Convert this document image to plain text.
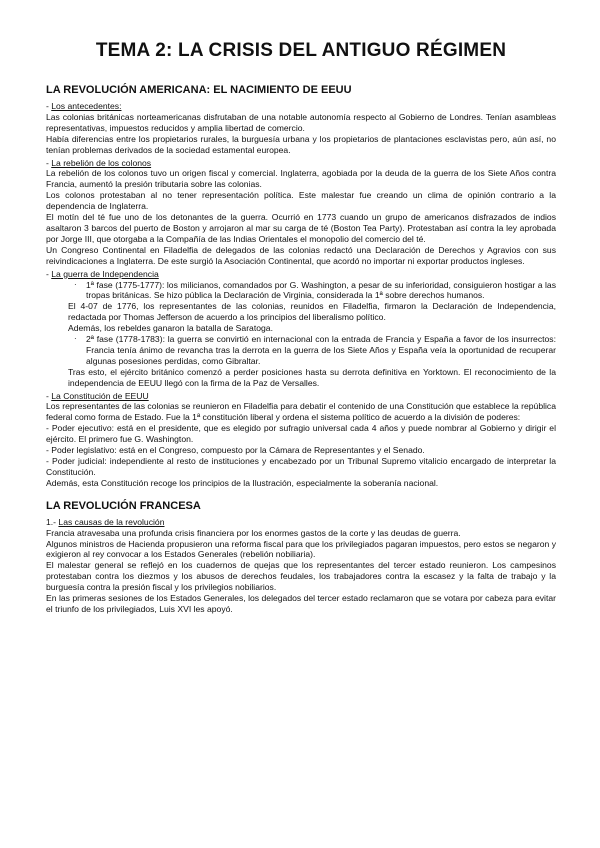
TEMA 2: LA CRISIS DEL ANTIGUO RÉGIMEN
LA REVOLUCIÓN AMERICANA: EL NACIMIENTO DE EEUU
- Los antecedentes:

Las colonias británicas norteamericanas disfrutaban de una notable autonomía respecto al Gobierno de Londres. Tenían asambleas representativas, impuestos reducidos y amplia libertad de comercio.

Había diferencias entre los propietarios rurales, la burguesía urbana y los propietarios de plantaciones esclavistas pero, aún así, no tenían problemas derivados de la sociedad estamental europea.

- La rebelión de los colonos

La rebelión de los colonos tuvo un origen fiscal y comercial. Inglaterra, agobiada por la deuda de la guerra de los Siete Años contra Francia, aumentó la presión tributaria sobre las colonias.

Los colonos protestaban al no tener representación política. Este malestar fue creando un clima de opinión contrario a la dependencia de Inglaterra.

El motín del té fue uno de los detonantes de la guerra. Ocurrió en 1773 cuando un grupo de americanos disfrazados de indios asaltaron 3 barcos del puerto de Boston y arrojaron al mar su carga de té (Boston Tea Party). Protestaban así contra la ley aprobada por Jorge III, que otorgaba a la Compañía de las Indias Orientales el monopolio del comercio del té.

Un Congreso Continental en Filadelfia de delegados de las colonias redactó una Declaración de Derechos y Agravios con sus reivindicaciones a Inglaterra. De este surgió la Asociación Continental, que acordó no importar ni exportar productos ingleses.

- La guerra de Independencia

· 1ª fase (1775-1777): los milicianos, comandados por G. Washington, a pesar de su inferioridad, consiguieron hostigar a las tropas británicas. Se hizo pública la Declaración de Virginia, considerada la 1ª sobre derechos humanos.

El 4-07 de 1776, los representantes de las colonias, reunidos en Filadelfia, firmaron la Declaración de Independencia, redactada por Thomas Jefferson de acuerdo a los principios del liberalismo político.

Además, los rebeldes ganaron la batalla de Saratoga.

· 2ª fase (1778-1783): la guerra se convirtió en internacional con la entrada de Francia y España a favor de los insurrectos: Francia tenía ánimo de revancha tras la derrota en la guerra de los Siete Años y España veía la oportunidad de recuperar algunas posesiones perdidas, como Gibraltar.

Tras esto, el ejército británico comenzó a perder posiciones hasta su derrota definitiva en Yorktown. El reconocimiento de la independencia de EEUU llegó con la firma de la Paz de Versalles.

- La Constitución de EEUU

Los representantes de las colonias se reunieron en Filadelfia para debatir el contenido de una Constitución que establece la república federal como forma de Estado. Fue la 1ª constitución liberal y ordena el sistema político de acuerdo a la división de poderes:

- Poder ejecutivo: está en el presidente, que es elegido por sufragio universal cada 4 años y puede nombrar al Gobierno y dirigir el ejército. El primero fue G. Washington.

- Poder legislativo: está en el Congreso, compuesto por la Cámara de Representantes y el Senado.

- Poder judicial: independiente al resto de instituciones y encabezado por un Tribunal Supremo vitalicio encargado de interpretar la Constitución.

Además, esta Constitución recoge los principios de la Ilustración, especialmente la soberanía nacional.

LA REVOLUCIÓN FRANCESA
1.- Las causas de la revolución

Francia atravesaba una profunda crisis financiera por los enormes gastos de la corte y las deudas de guerra.

Algunos ministros de Hacienda propusieron una reforma fiscal para que los privilegiados pagaran impuestos, pero estos se negaron y exigieron al rey convocar a los Estados Generales (rebelión nobiliaria).

El malestar general se reflejó en los cuadernos de quejas que los representantes del tercer estado reunieron. Los campesinos protestaban contra los diezmos y los abusos de derechos feudales, los trabajadores contra la escasez y la falta de trabajo y la burguesía contra la presión fiscal y los privilegios nobiliarios.

En las primeras sesiones de los Estados Generales, los delegados del tercer estado reclamaron que se votara por cabeza para evitar el triunfo de los privilegiados, Luis XVI les apoyó.
